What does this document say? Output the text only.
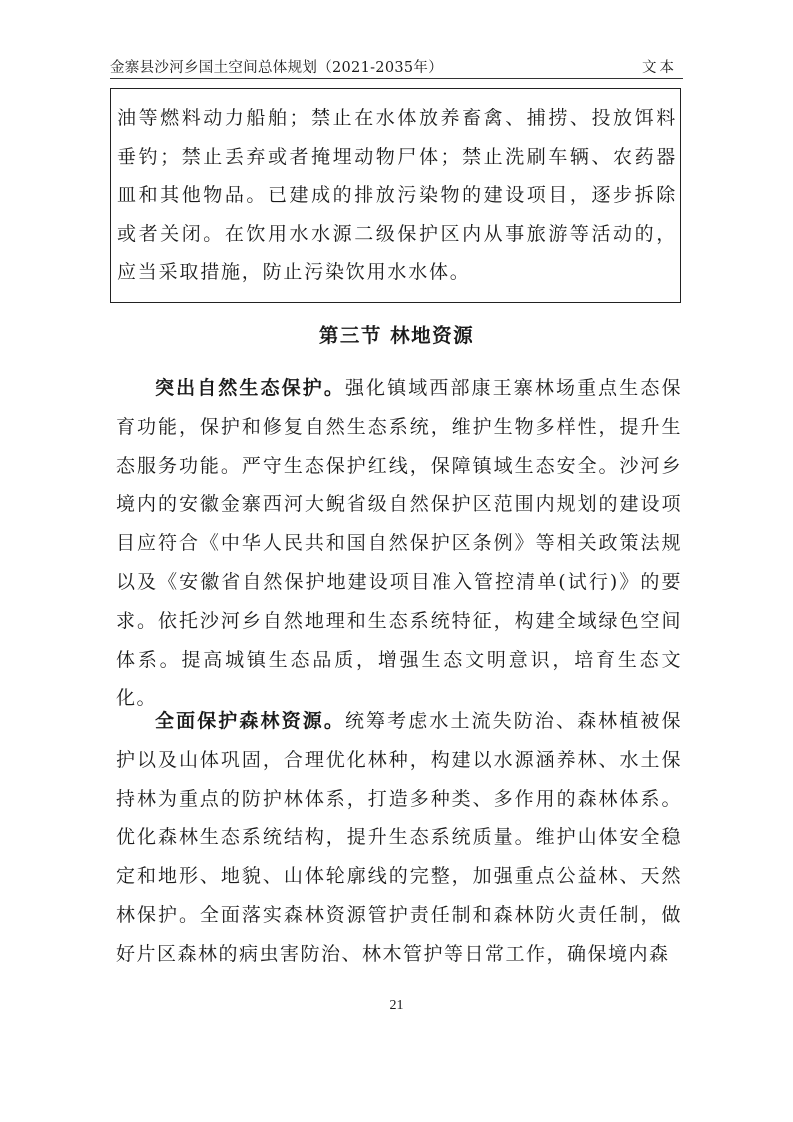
金寨县沙河乡国土空间总体规划（2021-2035年）	文本
油等燃料动力船舶；禁止在水体放养畜禽、捕捞、投放饵料垂钓；禁止丢弃或者掩埋动物尸体；禁止洗刷车辆、农药器皿和其他物品。已建成的排放污染物的建设项目，逐步拆除或者关闭。在饮用水水源二级保护区内从事旅游等活动的，应当采取措施，防止污染饮用水水体。
第三节 林地资源

突出自然生态保护。强化镇域西部康王寨林场重点生态保育功能，保护和修复自然生态系统，维护生物多样性，提升生态服务功能。严守生态保护红线，保障镇域生态安全。沙河乡境内的安徽金寨西河大鲵省级自然保护区范围内规划的建设项目应符合《中华人民共和国自然保护区条例》等相关政策法规以及《安徽省自然保护地建设项目准入管控清单(试行)》的要求。依托沙河乡自然地理和生态系统特征，构建全域绿色空间体系。提高城镇生态品质，增强生态文明意识，培育生态文化。

全面保护森林资源。统筹考虑水土流失防治、森林植被保护以及山体巩固，合理优化林种，构建以水源涵养林、水土保持林为重点的防护林体系，打造多种类、多作用的森林体系。优化森林生态系统结构，提升生态系统质量。维护山体安全稳定和地形、地貌、山体轮廓线的完整，加强重点公益林、天然林保护。全面落实森林资源管护责任制和森林防火责任制，做好片区森林的病虫害防治、林木管护等日常工作，确保境内森

21
